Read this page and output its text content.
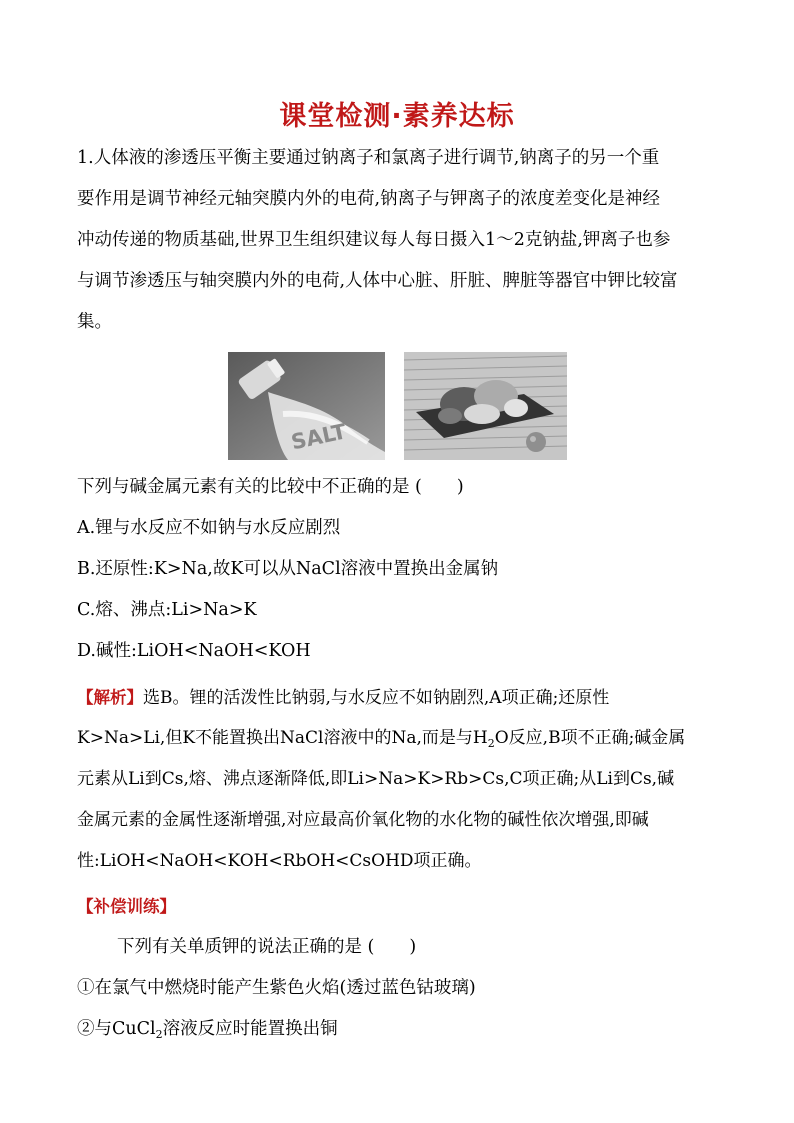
课堂检测·素养达标
1.人体液的渗透压平衡主要通过钠离子和氯离子进行调节,钠离子的另一个重
要作用是调节神经元轴突膜内外的电荷,钠离子与钾离子的浓度差变化是神经
冲动传递的物质基础,世界卫生组织建议每人每日摄入1～2克钠盐,钾离子也参
与调节渗透压与轴突膜内外的电荷,人体中心脏、肝脏、脾脏等器官中钾比较富
集。
SALT
下列与碱金属元素有关的比较中不正确的是 (　　)
A.锂与水反应不如钠与水反应剧烈
B.还原性:K>Na,故K可以从NaCl溶液中置换出金属钠
C.熔、沸点:Li>Na>K
D.碱性:LiOH<NaOH<KOH
【解析】选B。锂的活泼性比钠弱,与水反应不如钠剧烈,A项正确;还原性
K>Na>Li,但K不能置换出NaCl溶液中的Na,而是与$H_2O$反应,B项不正确;碱金属
元素从Li到Cs,熔、沸点逐渐降低,即Li>Na>K>Rb>Cs,C项正确;从Li到Cs,碱
金属元素的金属性逐渐增强,对应最高价氧化物的水化物的碱性依次增强,即碱
性:LiOH<NaOH<KOH<RbOH<CsOHD项正确。
【补偿训练】
下列有关单质钾的说法正确的是 (　　)
①在氯气中燃烧时能产生紫色火焰(透过蓝色钴玻璃)
②与CuCl$_2$溶液反应时能置换出铜
